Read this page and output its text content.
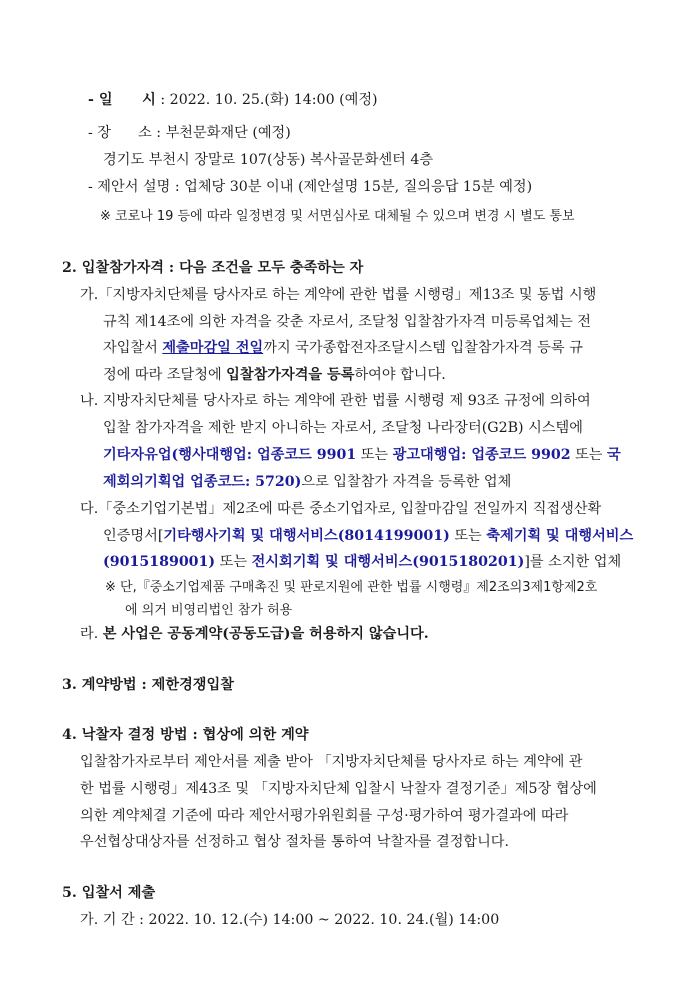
- 일      시 : 2022. 10. 25.(화) 14:00 (예정)
- 장      소 : 부천문화재단 (예정)
경기도 부천시 장말로 107(상동) 복사골문화센터 4층
- 제안서 설명 : 업체당 30분 이내 (제안설명 15분, 질의응답 15분 예정)
※ 코로나 19 등에 따라 일정변경 및 서면심사로 대체될 수 있으며 변경 시 별도 통보
2. 입찰참가자격 : 다음 조건을 모두 충족하는 자
가.「지방자치단체를 당사자로 하는 계약에 관한 법률 시행령」제13조 및 동법 시행
규칙 제14조에 의한 자격을 갖춘 자로서, 조달청 입찰참가자격 미등록업체는 전
자입찰서 제출마감일 전일까지 국가종합전자조달시스템 입찰참가자격 등록 규
정에 따라 조달청에 입찰참가자격을 등록하여야 합니다.
나. 지방자치단체를 당사자로 하는 계약에 관한 법률 시행령 제 93조 규정에 의하여
입찰 참가자격을 제한 받지 아니하는 자로서, 조달청 나라장터(G2B) 시스템에
기타자유업(행사대행업: 업종코드 9901 또는 광고대행업: 업종코드 9902 또는 국
제회의기획업 업종코드: 5720)으로 입찰참가 자격을 등록한 업체
다.「중소기업기본법」제2조에 따른 중소기업자로, 입찰마감일 전일까지 직접생산확
인증명서[기타행사기획 및 대행서비스(8014199001) 또는 축제기획 및 대행서비스
(9015189001) 또는 전시회기획 및 대행서비스(9015180201)]를 소지한 업체
※ 단,『중소기업제품 구매촉진 및 판로지원에 관한 법률 시행령』제2조의3제1항제2호
에 의거 비영리법인 참가 허용
라. 본 사업은 공동계약(공동도급)을 허용하지 않습니다.
3. 계약방법 : 제한경쟁입찰
4. 낙찰자 결정 방법 : 협상에 의한 계약
입찰참가자로부터 제안서를 제출 받아 「지방자치단체를 당사자로 하는 계약에 관
한 법률 시행령」제43조 및 「지방자치단체 입찰시 낙찰자 결정기준」제5장 협상에
의한 계약체결 기준에 따라 제안서평가위원회를 구성·평가하여 평가결과에 따라
우선협상대상자를 선정하고 협상 절차를 통하여 낙찰자를 결정합니다.
5. 입찰서 제출
가. 기 간 : 2022. 10. 12.(수) 14:00 ~ 2022. 10. 24.(월) 14:00
